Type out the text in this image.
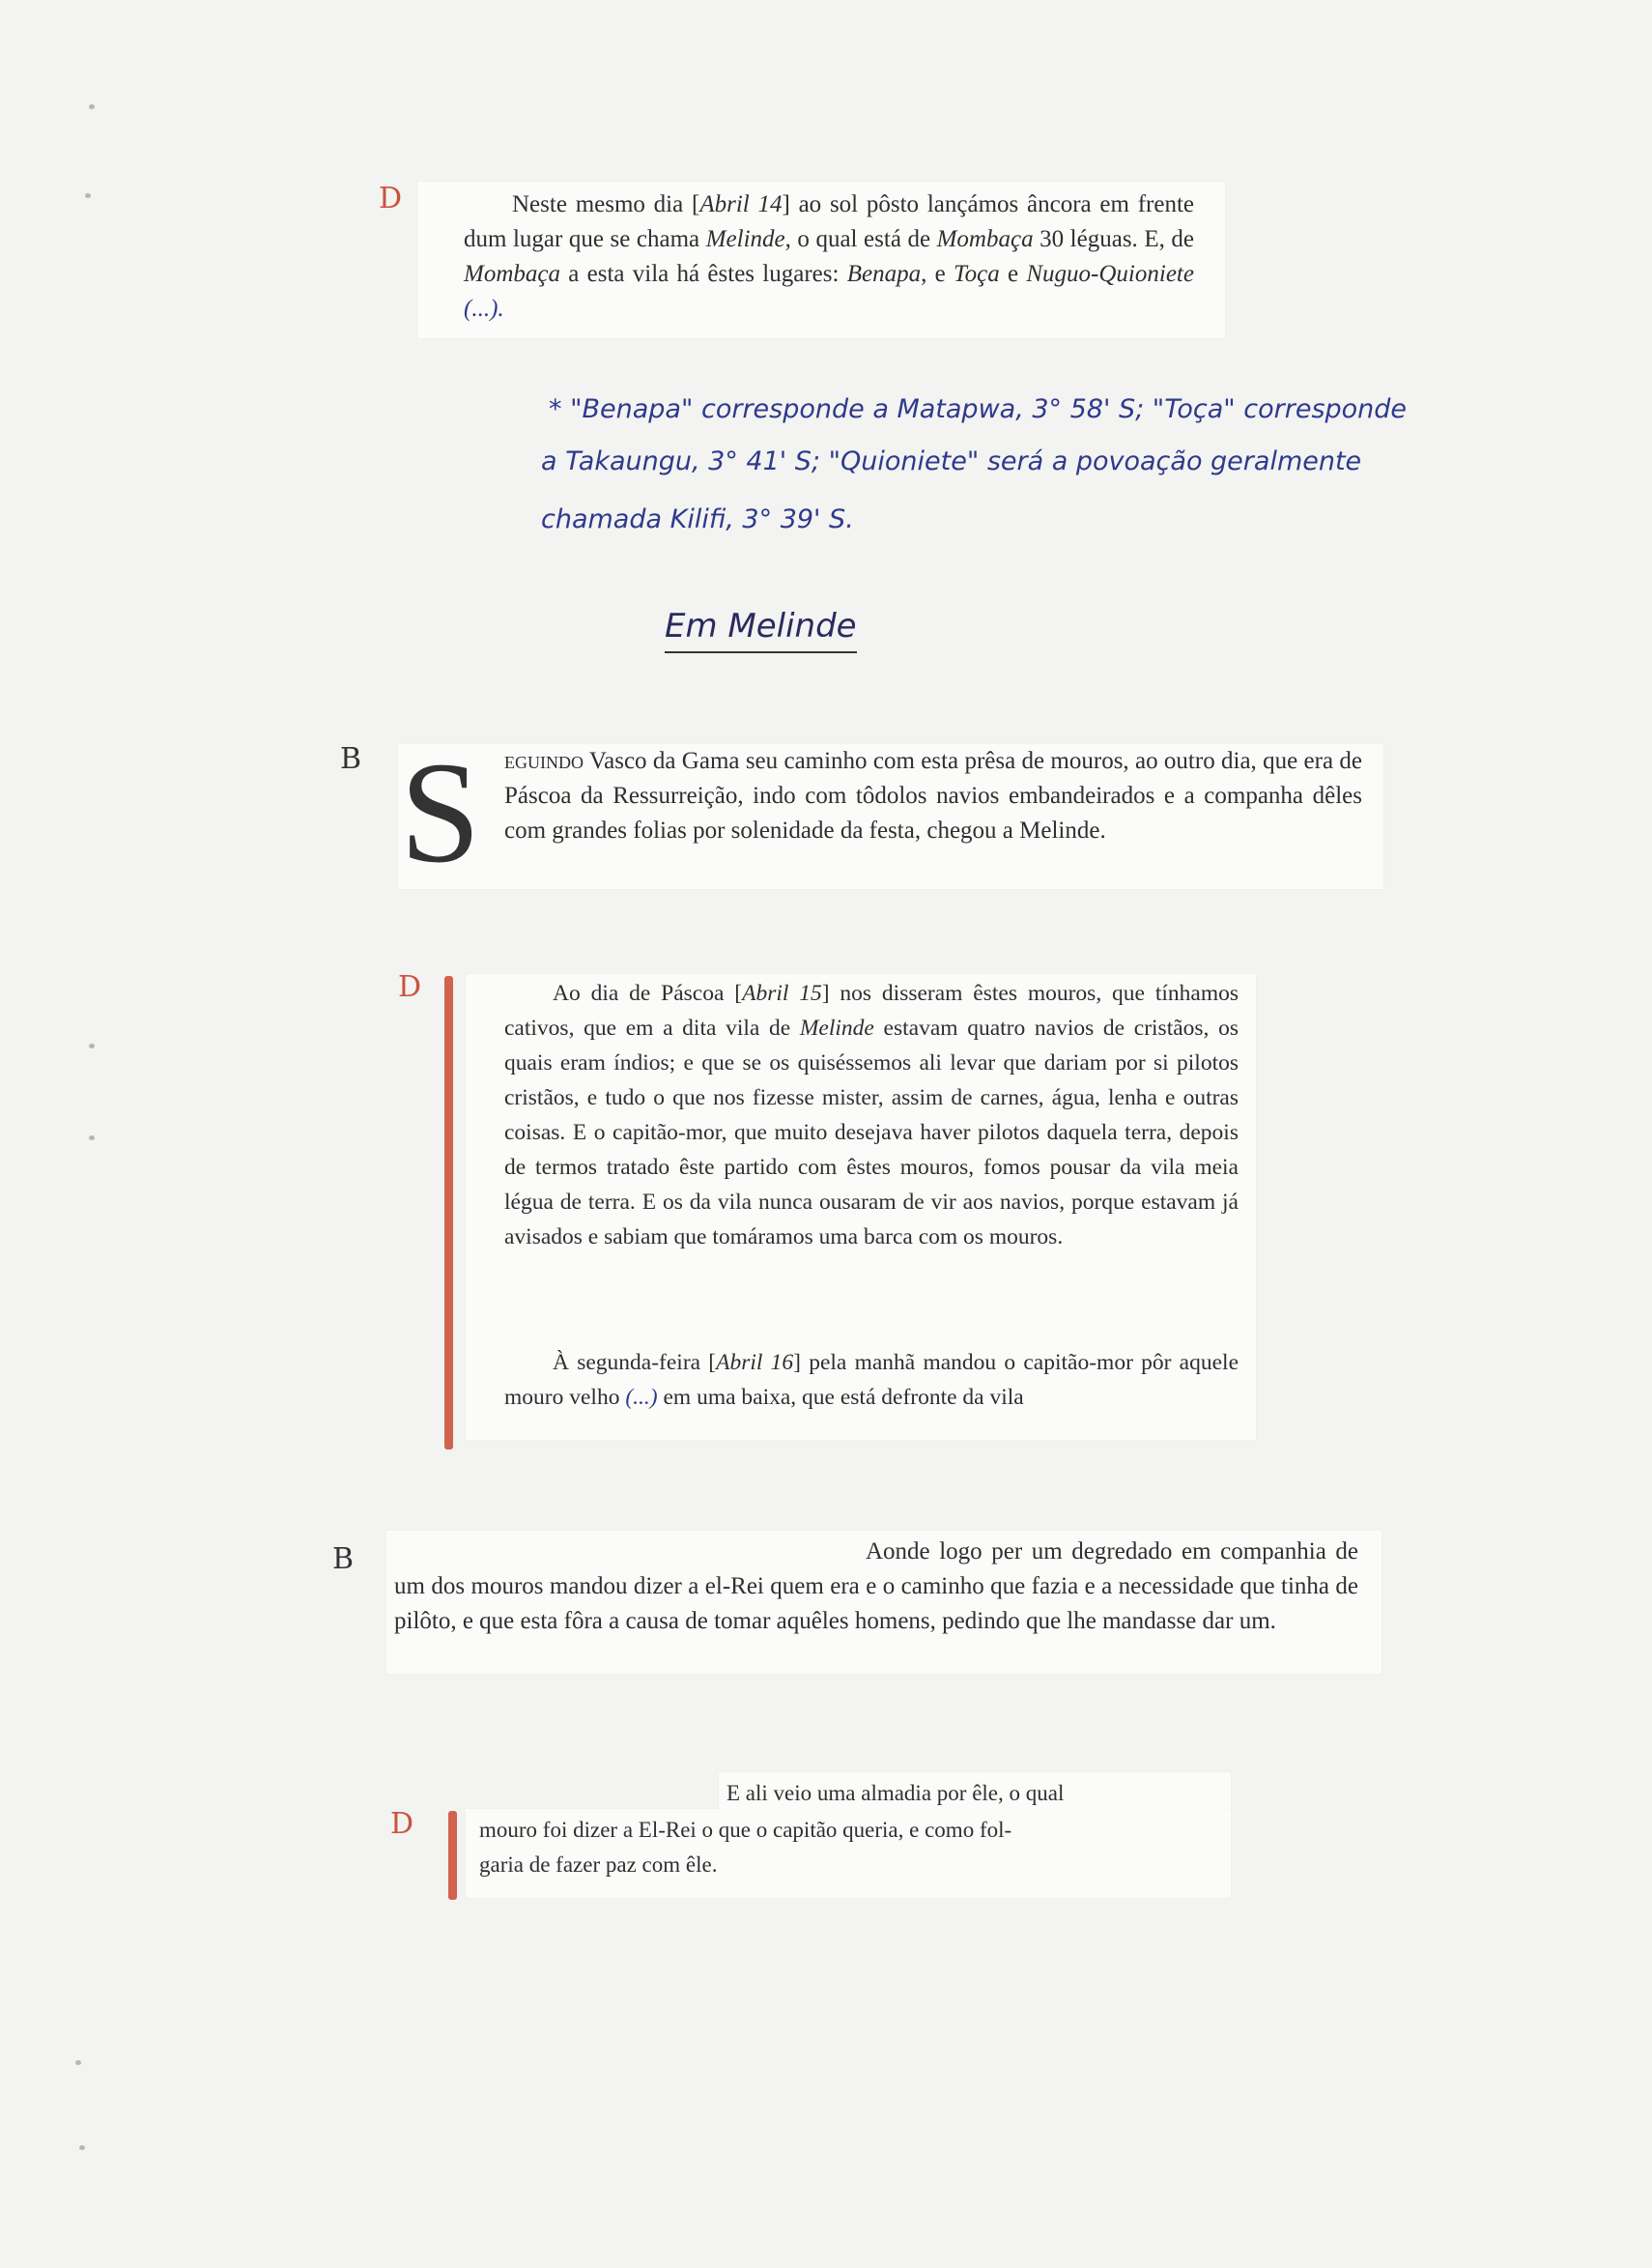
D	Neste mesmo dia [Abril 14] ao sol pôsto lançámos âncora em frente dum lugar que se chama Melinde, o qual está de Mombaça 30 léguas. E, de Mombaça a esta vila há êstes lugares: Benapa, e Toça e Nuguo-Quioniete (...).

* "Benapa" corresponde a Matapwa, 3° 58' S; "Toça" corresponde
a Takaungu, 3° 41' S; "Quioniete" será a povoação geralmente
chamada Kilifi, 3° 39' S.
Em Melinde
B S eguindo Vasco da Gama seu caminho com esta prêsa de mouros, ao outro dia, que era de Páscoa da Ressurreição, indo com tôdolos navios embandeirados e a companha dêles com grandes folias por solenidade da festa, chegou a Melinde.

D	Ao dia de Páscoa [Abril 15] nos disseram êstes mouros, que tínhamos cativos, que em a dita vila de Melinde estavam quatro navios de cristãos, os quais eram índios; e que se os quiséssemos ali levar que dariam por si pilotos cristãos, e tudo o que nos fizesse mister, assim de carnes, água, lenha e outras coisas. E o capitão-mor, que muito desejava haver pilotos daquela terra, depois de termos tratado êste partido com êstes mouros, fomos pousar da vila meia légua de terra. E os da vila nunca ousaram de vir aos navios, porque estavam já avisados e sabiam que tomáramos uma barca com os mouros.

À segunda-feira [Abril 16] pela manhã mandou o capitão-mor pôr aquele mouro velho (...) em uma baixa, que está defronte da vila

B	Aonde logo per um degredado em companhia de um dos mouros mandou dizer a el-Rei quem era e o caminho que fazia e a necessidade que tinha de pilôto, e que esta fôra a causa de tomar aquêles homens, pedindo que lhe mandasse dar um.

D

E ali veio uma almadia por êle, o qual

mouro foi dizer a El-Rei o que o capitão queria, e como fol-

garia de fazer paz com êle.
